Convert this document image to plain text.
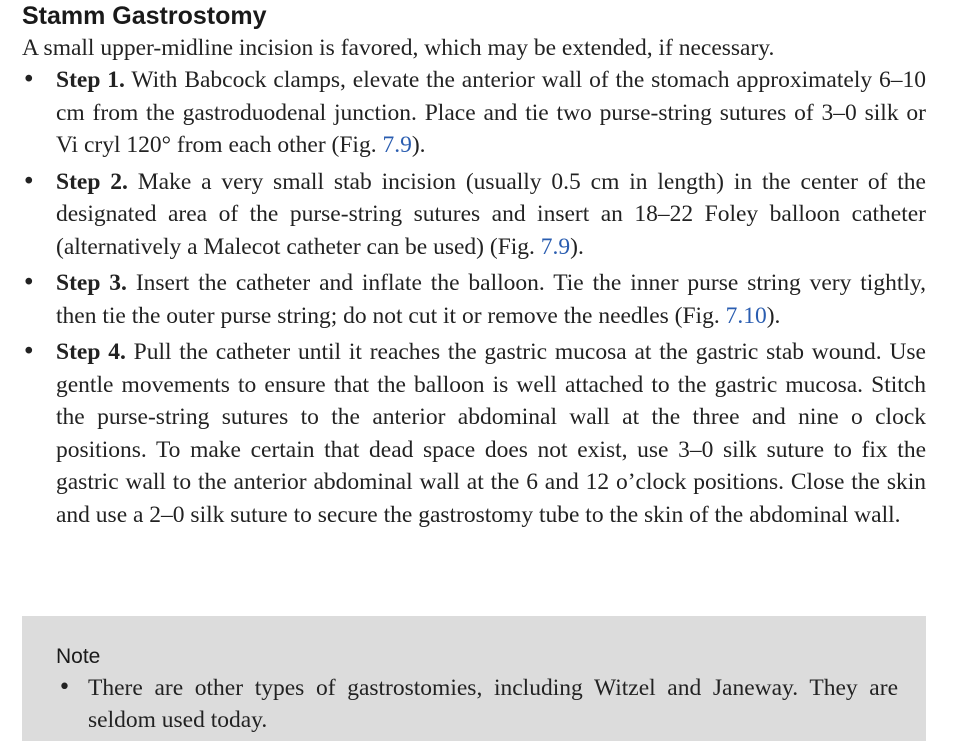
Stamm Gastrostomy
A small upper-midline incision is favored, which may be extended, if necessary.
• Step 1. With Babcock clamps, elevate the anterior wall of the stomach approximately 6–10 cm from the gastroduodenal junction. Place and tie two purse-string sutures of 3–0 silk or Vi cryl 120° from each other (Fig. 7.9).
• Step 2. Make a very small stab incision (usually 0.5 cm in length) in the center of the designated area of the purse-string sutures and insert an 18–22 Foley balloon catheter (alternatively a Malecot catheter can be used) (Fig. 7.9).
• Step 3. Insert the catheter and inflate the balloon. Tie the inner purse string very tightly, then tie the outer purse string; do not cut it or remove the needles (Fig. 7.10).
• Step 4. Pull the catheter until it reaches the gastric mucosa at the gastric stab wound. Use gentle movements to ensure that the balloon is well attached to the gastric mucosa. Stitch the purse-string sutures to the anterior abdominal wall at the three and nine o clock positions. To make certain that dead space does not exist, use 3–0 silk suture to fix the gastric wall to the anterior abdominal wall at the 6 and 12 o’clock positions. Close the skin and use a 2–0 silk suture to secure the gastrostomy tube to the skin of the abdominal wall.
Note
• There are other types of gastrostomies, including Witzel and Janeway. They are seldom used today.
